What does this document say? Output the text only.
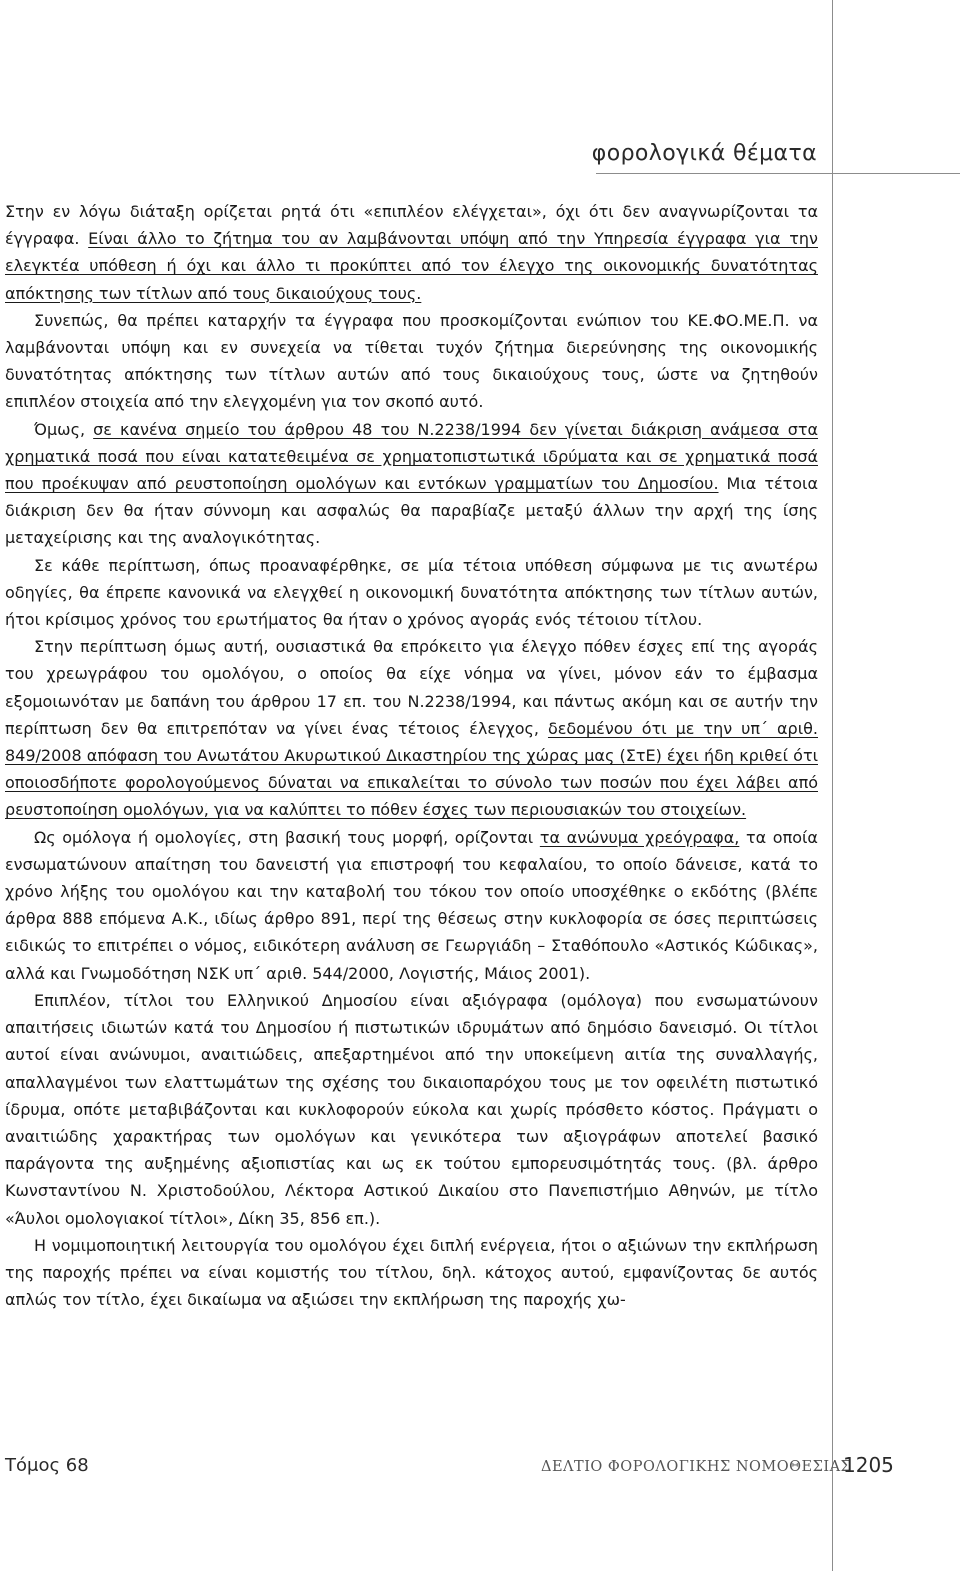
φορολογικά θέματα

Στην εν λόγω διάταξη ορίζεται ρητά ότι «επιπλέον ελέγχεται», όχι ότι δεν αναγνωρίζονται τα έγγραφα. Είναι άλλο το ζήτημα του αν λαμβάνονται υπόψη από την Υπηρεσία έγγραφα για την ελεγκτέα υπόθεση ή όχι και άλλο τι προκύπτει από τον έλεγχο της οικονομικής δυνατότητας απόκτησης των τίτλων από τους δικαιούχους τους.

Συνεπώς, θα πρέπει καταρχήν τα έγγραφα που προσκομίζονται ενώπιον του ΚΕ.ΦΟ.ΜΕ.Π. να λαμβάνονται υπόψη και εν συνεχεία να τίθεται τυχόν ζήτημα διερεύνησης της οικονομικής δυνατότητας απόκτησης των τίτλων αυτών από τους δικαιούχους τους, ώστε να ζητηθούν επιπλέον στοιχεία από την ελεγχομένη για τον σκοπό αυτό.

Όμως, σε κανένα σημείο του άρθρου 48 του Ν.2238/1994 δεν γίνεται διάκριση ανάμεσα στα χρηματικά ποσά που είναι κατατεθειμένα σε χρηματοπιστωτικά ιδρύματα και σε χρηματικά ποσά που προέκυψαν από ρευστοποίηση ομολόγων και εντόκων γραμματίων του Δημοσίου. Μια τέτοια διάκριση δεν θα ήταν σύννομη και ασφαλώς θα παραβίαζε μεταξύ άλλων την αρχή της ίσης μεταχείρισης και της αναλογικότητας.

Σε κάθε περίπτωση, όπως προαναφέρθηκε, σε μία τέτοια υπόθεση σύμφωνα με τις ανωτέρω οδηγίες, θα έπρεπε κανονικά να ελεγχθεί η οικονομική δυνατότητα απόκτησης των τίτλων αυτών, ήτοι κρίσιμος χρόνος του ερωτήματος θα ήταν ο χρόνος αγοράς ενός τέτοιου τίτλου.

Στην περίπτωση όμως αυτή, ουσιαστικά θα επρόκειτο για έλεγχο πόθεν έσχες επί της αγοράς του χρεωγράφου του ομολόγου, ο οποίος θα είχε νόημα να γίνει, μόνον εάν το έμβασμα εξομοιωνόταν με δαπάνη του άρθρου 17 επ. του Ν.2238/1994, και πάντως ακόμη και σε αυτήν την περίπτωση δεν θα επιτρεπόταν να γίνει ένας τέτοιος έλεγχος, δεδομένου ότι με την υπ΄ αριθ. 849/2008 απόφαση του Ανωτάτου Ακυρωτικού Δικαστηρίου της χώρας μας (ΣτΕ) έχει ήδη κριθεί ότι οποιοσδήποτε φορολογούμενος δύναται να επικαλείται το σύνολο των ποσών που έχει λάβει από ρευστοποίηση ομολόγων, για να καλύπτει το πόθεν έσχες των περιουσιακών του στοιχείων.

Ως ομόλογα ή ομολογίες, στη βασική τους μορφή, ορίζονται τα ανώνυμα χρεόγραφα, τα οποία ενσωματώνουν απαίτηση του δανειστή για επιστροφή του κεφαλαίου, το οποίο δάνεισε, κατά το χρόνο λήξης του ομολόγου και την καταβολή του τόκου τον οποίο υποσχέθηκε ο εκδότης (βλέπε άρθρα 888 επόμενα Α.Κ., ιδίως άρθρο 891, περί της θέσεως στην κυκλοφορία σε όσες περιπτώσεις ειδικώς το επιτρέπει ο νόμος, ειδικότερη ανάλυση σε Γεωργιάδη – Σταθόπουλο «Αστικός Κώδικας», αλλά και Γνωμοδότηση ΝΣΚ υπ΄ αριθ. 544/2000, Λογιστής, Μάιος 2001).

Επιπλέον, τίτλοι του Ελληνικού Δημοσίου είναι αξιόγραφα (ομόλογα) που ενσωματώνουν απαιτήσεις ιδιωτών κατά του Δημοσίου ή πιστωτικών ιδρυμάτων από δημόσιο δανεισμό. Οι τίτλοι αυτοί είναι ανώνυμοι, αναιτιώδεις, απεξαρτημένοι από την υποκείμενη αιτία της συναλλαγής, απαλλαγμένοι των ελαττωμάτων της σχέσης του δικαιοπαρόχου τους με τον οφειλέτη πιστωτικό ίδρυμα, οπότε μεταβιβάζονται και κυκλοφορούν εύκολα και χωρίς πρόσθετο κόστος. Πράγματι ο αναιτιώδης χαρακτήρας των ομολόγων και γενικότερα των αξιογράφων αποτελεί βασικό παράγοντα της αυξημένης αξιοπιστίας και ως εκ τούτου εμπορευσιμότητάς τους. (βλ. άρθρο Κωνσταντίνου Ν. Χριστοδούλου, Λέκτορα Αστικού Δικαίου στο Πανεπιστήμιο Αθηνών, με τίτλο «Άυλοι ομολογιακοί τίτλοι», Δίκη 35, 856 επ.).

Η νομιμοποιητική λειτουργία του ομολόγου έχει διπλή ενέργεια, ήτοι ο αξιώνων την εκπλήρωση της παροχής πρέπει να είναι κομιστής του τίτλου, δηλ. κάτοχος αυτού, εμφανίζοντας δε αυτός απλώς τον τίτλο, έχει δικαίωμα να αξιώσει την εκπλήρωση της παροχής χω-

Τόμος 68	ΔΕΛΤΙΟ ΦΟΡΟΛΟΓΙΚΗΣ ΝΟΜΟΘΕΣΙΑΣ
1205
